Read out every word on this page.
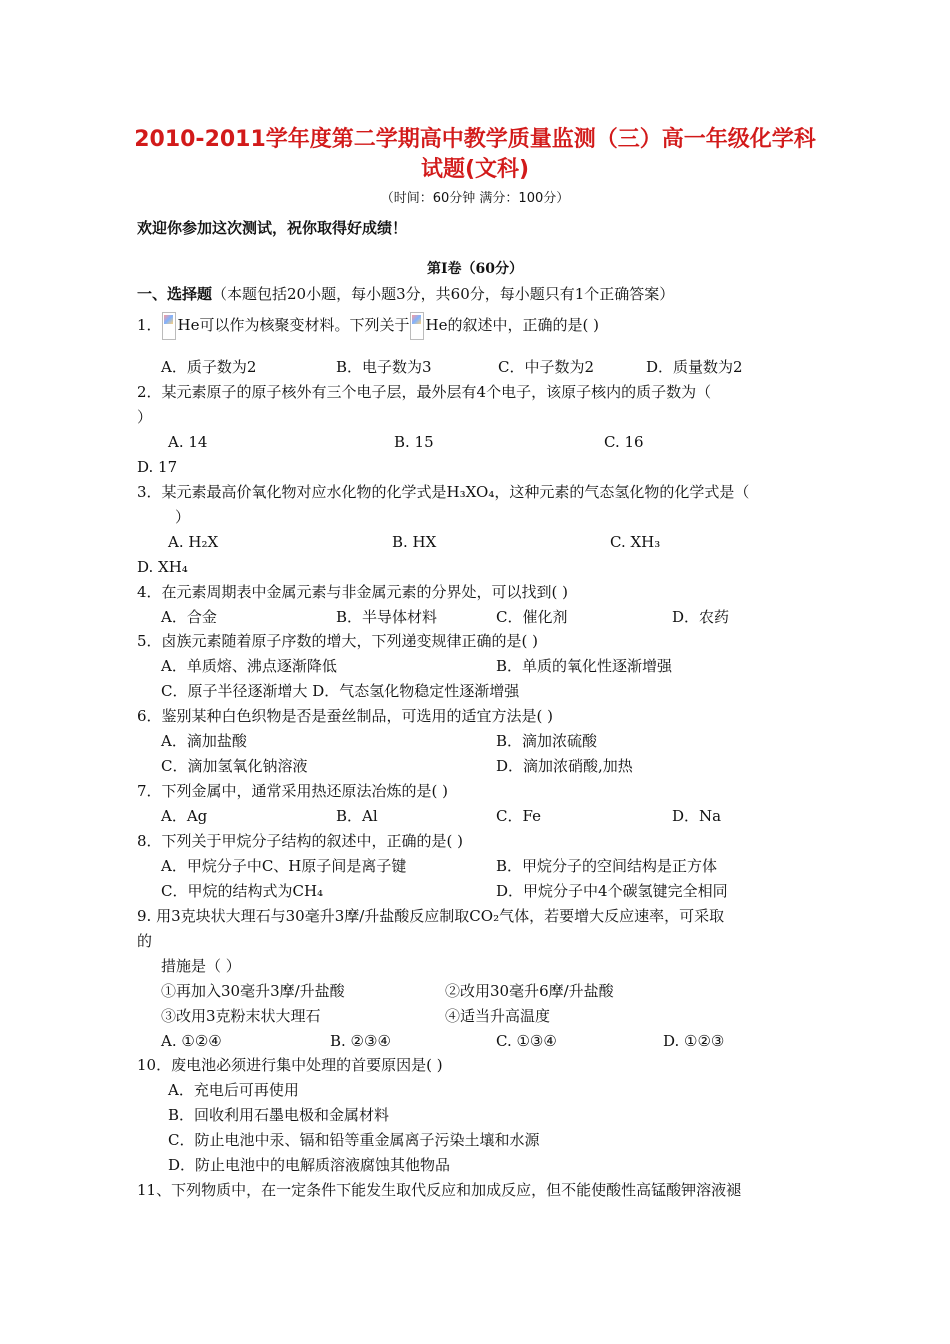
2010-2011学年度第二学期高中教学质量监测（三）高一年级化学科
试题(文科)
（时间：60分钟 满分：100分）
欢迎你参加这次测试，祝你取得好成绩！
第Ⅰ卷（60分）
一、选择题（本题包括20小题，每小题3分，共60分，每小题只有1个正确答案）
1． He可以作为核聚变材料。下列关于 He的叙述中，正确的是( )
A．质子数为2	B．电子数为3	C．中子数为2	D．质量数为2
2．某元素原子的原子核外有三个电子层，最外层有4个电子，该原子核内的质子数为（
）
A. 14	B. 15	C. 16
D. 17
3．某元素最高价氧化物对应水化物的化学式是H₃XO₄，这种元素的气态氢化物的化学式是（
）
A. H₂X	B. HX	C. XH₃
D. XH₄
4．在元素周期表中金属元素与非金属元素的分界处，可以找到( )
A．合金	B．半导体材料	C．催化剂	D．农药
5．卤族元素随着原子序数的增大，下列递变规律正确的是( )
A．单质熔、沸点逐渐降低	B．单质的氧化性逐渐增强
C．原子半径逐渐增大 D．气态氢化物稳定性逐渐增强
6．鉴别某种白色织物是否是蚕丝制品，可选用的适宜方法是( )
A．滴加盐酸	B．滴加浓硫酸
C．滴加氢氧化钠溶液	D．滴加浓硝酸,加热
7．下列金属中，通常采用热还原法冶炼的是( )
A．Ag	B．Al	C．Fe	D．Na
8．下列关于甲烷分子结构的叙述中，正确的是( )
A．甲烷分子中C、H原子间是离子键	B．甲烷分子的空间结构是正方体
C．甲烷的结构式为CH₄	D．甲烷分子中4个碳氢键完全相同
9. 用3克块状大理石与30毫升3摩/升盐酸反应制取CO₂气体，若要增大反应速率，可采取
的
措施是（ ）
①再加入30毫升3摩/升盐酸	②改用30毫升6摩/升盐酸
③改用3克粉末状大理石	④适当升高温度
A. ①②④	B. ②③④	C. ①③④	D. ①②③
10．废电池必须进行集中处理的首要原因是( )
A．充电后可再使用
B．回收利用石墨电极和金属材料
C．防止电池中汞、镉和铅等重金属离子污染土壤和水源
D．防止电池中的电解质溶液腐蚀其他物品
11、下列物质中，在一定条件下能发生取代反应和加成反应，但不能使酸性高锰酸钾溶液褪
